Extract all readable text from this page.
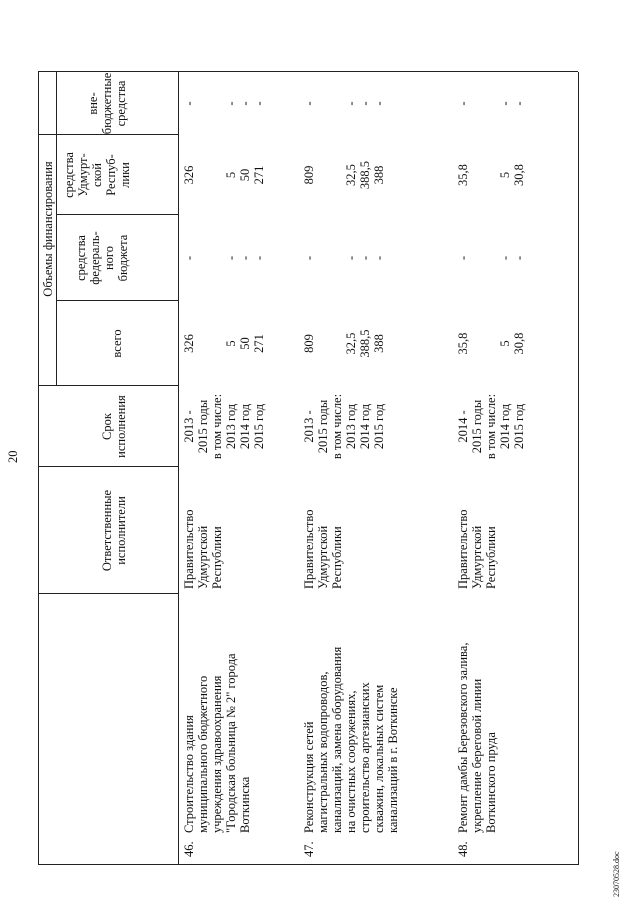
20
Ответственные исполнители
Срок исполнения
Объемы финансирования
всего
средства федераль- ного бюджета
средства Удмурт- ской Респуб- лики
вне- бюджетные средства
46.
Строительство здания муниципального бюджетного учреждения здравоохранения "Городская больница № 2" города Воткинска
Правительство Удмуртской Республики
2013 - 2015 годы в том числе: 2013 год 2014 год 2015 год
326

5 50 271
-

- - -
326

5 50 271
-

- - -
47.
Реконструкция сетей магистральных водопроводов, канализаций, замена оборудования на очистных сооружениях, строительство артезианских скважин, локальных систем канализаций в г. Воткинске
Правительство Удмуртской Республики
2013 - 2015 годы в том числе: 2013 год 2014 год 2015 год
809

32,5 388,5 388
-

- - -
809

32,5 388,5 388
-

- - -
48.
Ремонт дамбы Березовского залива, укрепление береговой линии Воткинского пруда
Правительство Удмуртской Республики
2014 - 2015 годы в том числе: 2014 год 2015 год
35,8

5 30,8
-

- -
35,8

5 30,8
-

- -
23070528.doc
